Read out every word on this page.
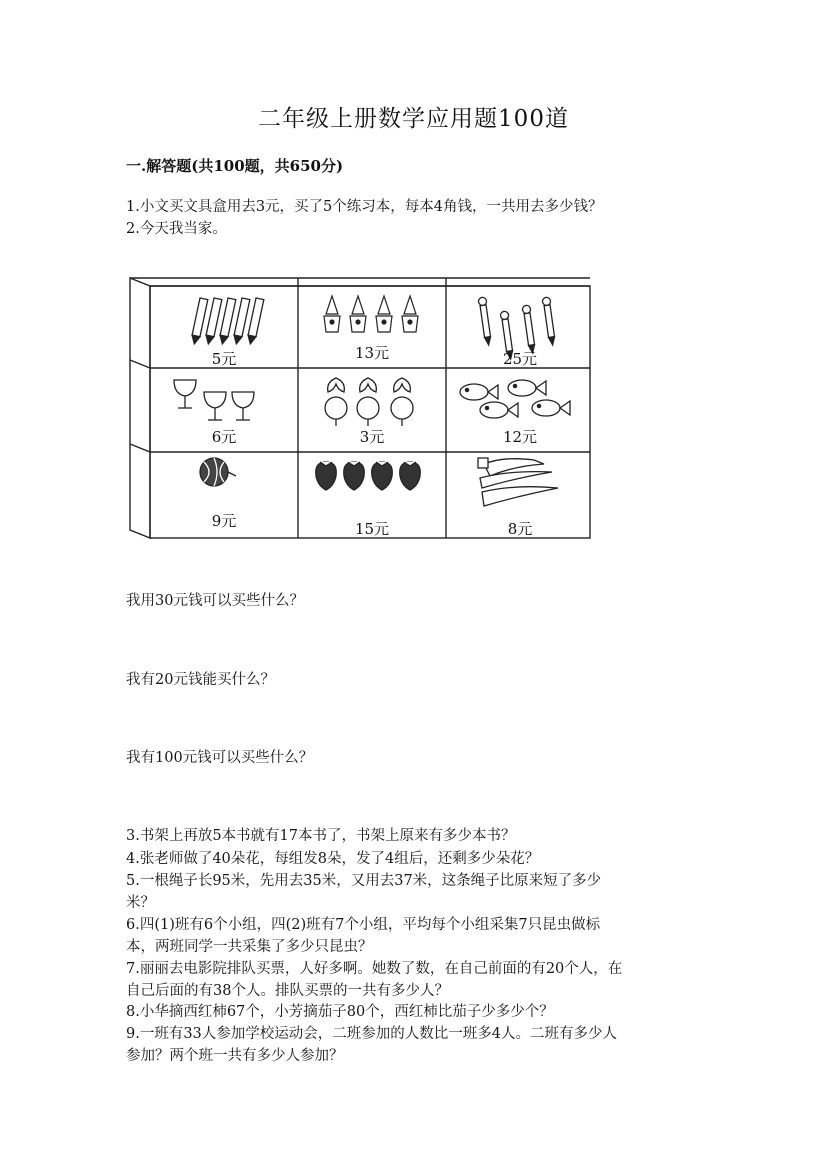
二年级上册数学应用题100道
一.解答题(共100题，共650分)
1.小文买文具盒用去3元，买了5个练习本，每本4角钱，一共用去多少钱？
2.今天我当家。
5元	13元	25元
6元	3元	12元
9元	15元	8元
我用30元钱可以买些什么？
我有20元钱能买什么？
我有100元钱可以买些什么？
3.书架上再放5本书就有17本书了，书架上原来有多少本书？
4.张老师做了40朵花，每组发8朵，发了4组后，还剩多少朵花？
5.一根绳子长95米，先用去35米，又用去37米，这条绳子比原来短了多少
米？
6.四(1)班有6个小组，四(2)班有7个小组，平均每个小组采集7只昆虫做标
本，两班同学一共采集了多少只昆虫？
7.丽丽去电影院排队买票，人好多啊。她数了数，在自己前面的有20个人，在
自己后面的有38个人。排队买票的一共有多少人？
8.小华摘西红柿67个，小芳摘茄子80个，西红柿比茄子少多少个？
9.一班有33人参加学校运动会，二班参加的人数比一班多4人。二班有多少人
参加？两个班一共有多少人参加？
